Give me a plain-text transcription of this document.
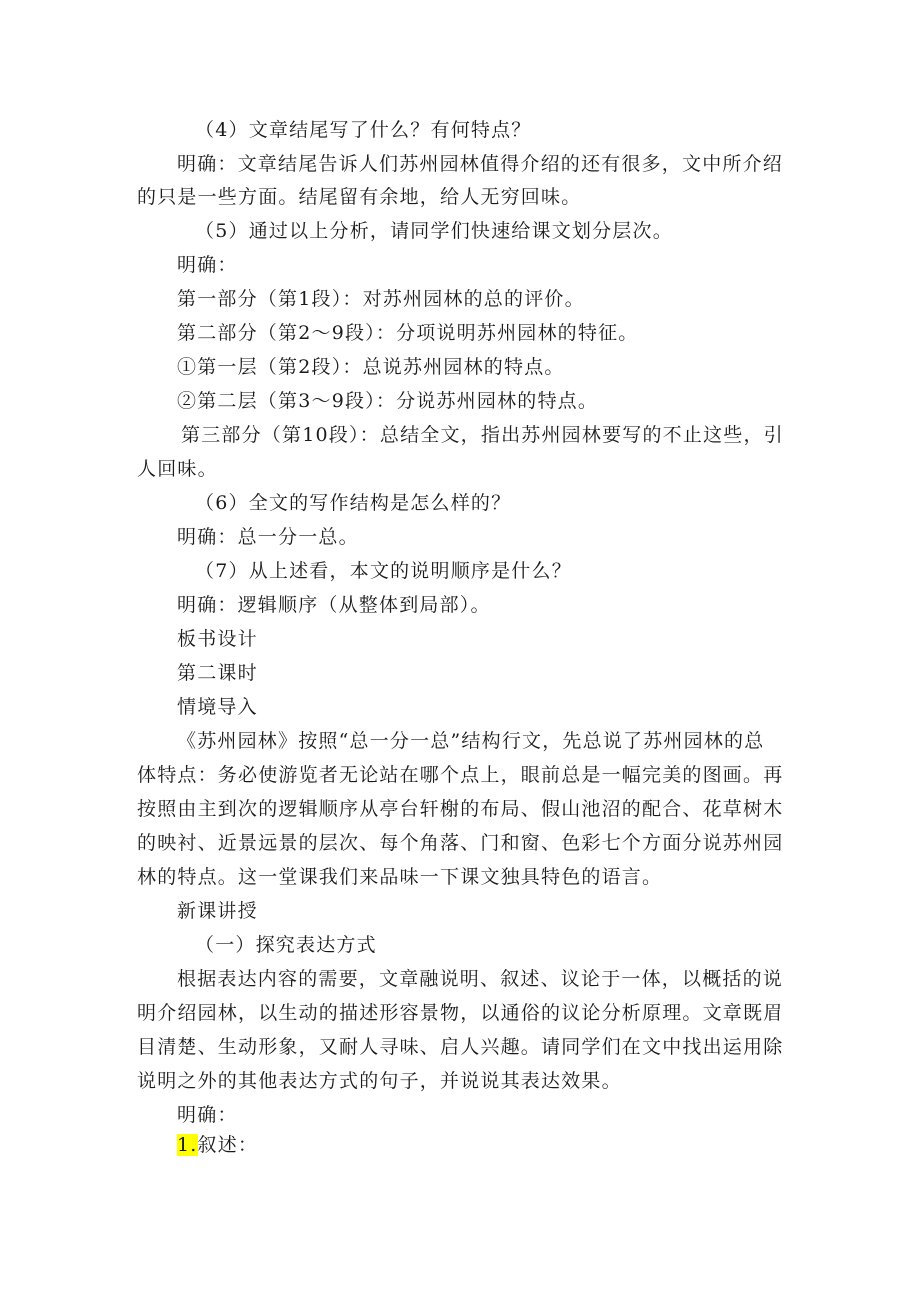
（4）文章结尾写了什么？有何特点？
明确：文章结尾告诉人们苏州园林值得介绍的还有很多，文中所介绍
的只是一些方面。结尾留有余地，给人无穷回味。
（5）通过以上分析，请同学们快速给课文划分层次。
明确：
第一部分（第1段）：对苏州园林的总的评价。
第二部分（第2～9段）：分项说明苏州园林的特征。
①第一层（第2段）：总说苏州园林的特点。
②第二层（第3～9段）：分说苏州园林的特点。
第三部分（第10段）：总结全文，指出苏州园林要写的不止这些，引
人回味。
（6）全文的写作结构是怎么样的？
明确：总一分一总。
（7）从上述看，本文的说明顺序是什么？
明确：逻辑顺序（从整体到局部）。
板书设计
第二课时
情境导入
《苏州园林》按照“总一分一总”结构行文，先总说了苏州园林的总
体特点：务必使游览者无论站在哪个点上，眼前总是一幅完美的图画。再
按照由主到次的逻辑顺序从亭台轩榭的布局、假山池沼的配合、花草树木
的映衬、近景远景的层次、每个角落、门和窗、色彩七个方面分说苏州园
林的特点。这一堂课我们来品味一下课文独具特色的语言。
新课讲授
（一）探究表达方式
根据表达内容的需要，文章融说明、叙述、议论于一体，以概括的说
明介绍园林，以生动的描述形容景物，以通俗的议论分析原理。文章既眉
目清楚、生动形象，又耐人寻味、启人兴趣。请同学们在文中找出运用除
说明之外的其他表达方式的句子，并说说其表达效果。
明确：
1.叙述：
